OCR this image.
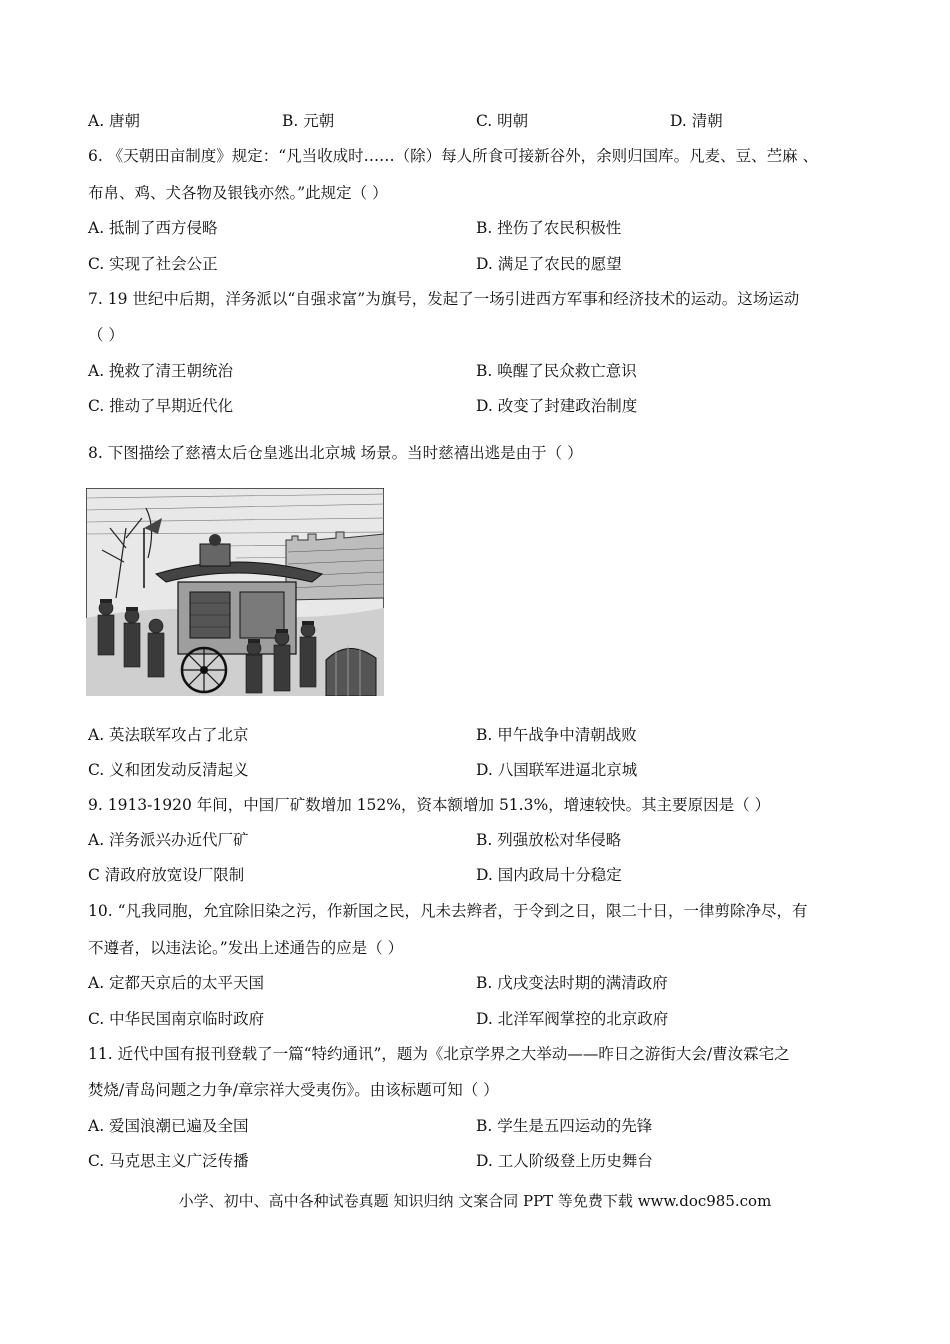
A. 唐朝	B. 元朝	C. 明朝	D. 清朝
6. 《天朝田亩制度》规定：“凡当收成时……（除）每人所食可接新谷外，余则归国库。凡麦、豆、苎麻 、
布帛、鸡、犬各物及银钱亦然。”此规定（ ）
A. 抵制了西方侵略	B. 挫伤了农民积极性
C. 实现了社会公正	D. 满足了农民的愿望
7. 19 世纪中后期，洋务派以“自强求富”为旗号，发起了一场引进西方军事和经济技术的运动。这场运动
（ ）
A. 挽救了清王朝统治	B. 唤醒了民众救亡意识
C. 推动了早期近代化	D. 改变了封建政治制度
8. 下图描绘了慈禧太后仓皇逃出北京城 场景。当时慈禧出逃是由于（ ）
A. 英法联军攻占了北京	B. 甲午战争中清朝战败
C. 义和团发动反清起义	D. 八国联军进逼北京城
9. 1913-1920 年间，中国厂矿数增加 152%，资本额增加 51.3%，增速较快。其主要原因是（ ）
A. 洋务派兴办近代厂矿	B. 列强放松对华侵略
C 清政府放宽设厂限制	D. 国内政局十分稳定
10. “凡我同胞，允宜除旧染之污，作新国之民，凡未去辫者，于令到之日，限二十日，一律剪除净尽，有
不遵者，以违法论。”发出上述通告的应是（ ）
A. 定都天京后的太平天国	B. 戊戌变法时期的满清政府
C. 中华民国南京临时政府	D. 北洋军阀掌控的北京政府
11. 近代中国有报刊登载了一篇“特约通讯”，题为《北京学界之大举动——昨日之游街大会/曹汝霖宅之
焚烧/青岛问题之力争/章宗祥大受夷伤》。由该标题可知（ ）
A. 爱国浪潮已遍及全国	B. 学生是五四运动的先锋
C. 马克思主义广泛传播	D. 工人阶级登上历史舞台
小学、初中、高中各种试卷真题 知识归纳 文案合同 PPT 等免费下载 www.doc985.com
